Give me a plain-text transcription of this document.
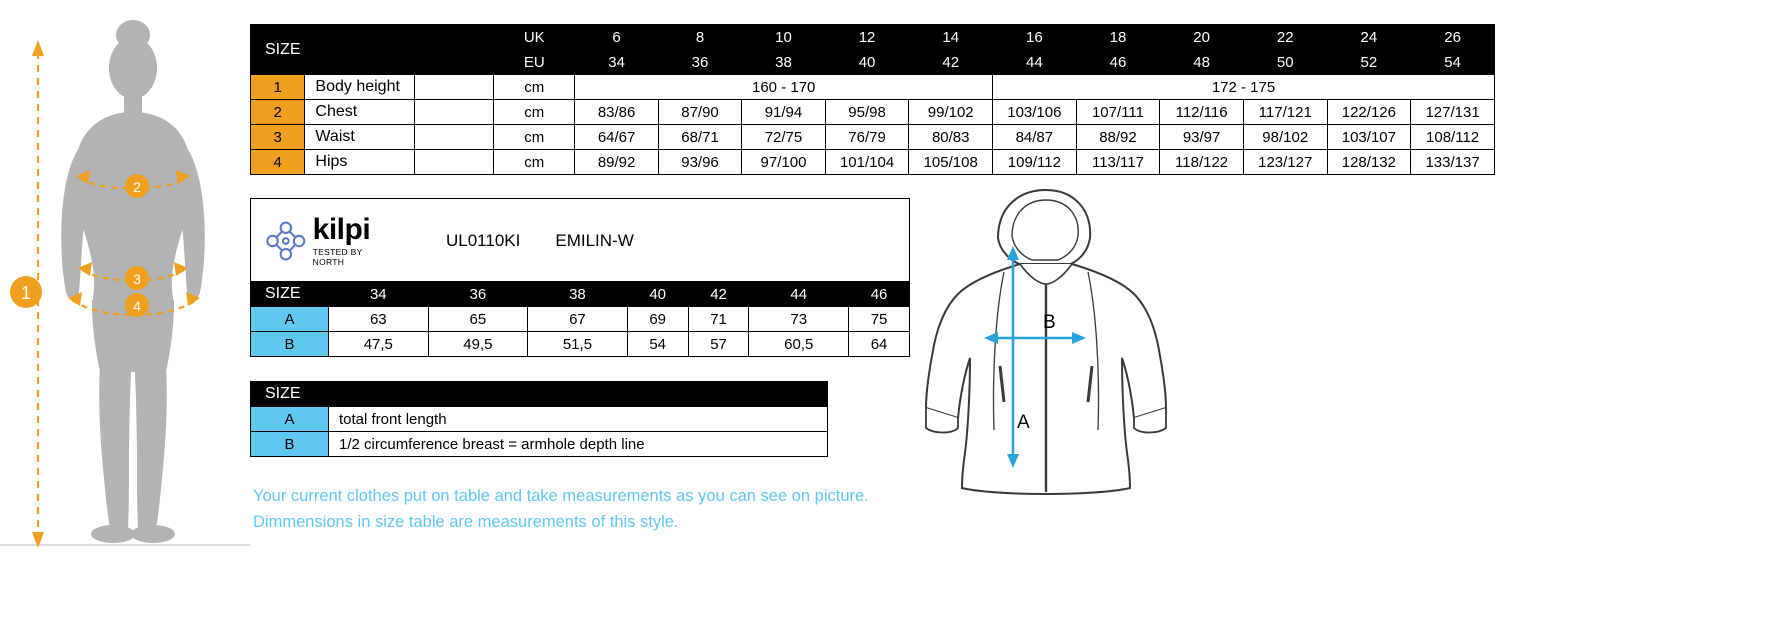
1
2
3
4
SIZE			UK	6	8	10	12	14	16	18	20	22	24	26
			EU	34	36	38	40	42	44	46	48	50	52	54
1	Body height		cm	160 - 170					172 - 175					
2	Chest		cm	83/86	87/90	91/94	95/98	99/102	103/106	107/111	112/116	117/121	122/126	127/131
3	Waist		cm	64/67	68/71	72/75	76/79	80/83	84/87	88/92	93/97	98/102	103/107	108/112
4	Hips		cm	89/92	93/96	97/100	101/104	105/108	109/112	113/117	118/122	123/127	128/132	133/137
kilpi
TESTED BY NORTH
UL0110KI EMILIN-W
SIZE	34	36	38	40	42	44	46
A	63	65	67	69	71	73	75
B	47,5	49,5	51,5	54	57	60,5	64
SIZE	
A	total front length
B	1/2 circumference breast = armhole depth line
Your current clothes put on table and take measurements as you can see on picture.
Dimmensions in size table are measurements of this style.
A
B
